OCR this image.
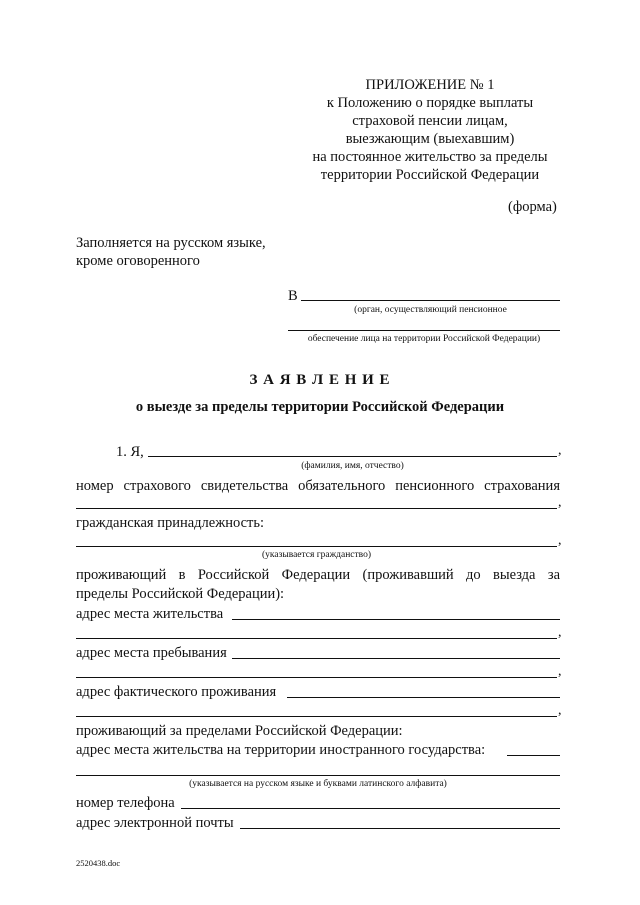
ПРИЛОЖЕНИЕ № 1
к Положению о порядке выплаты
страховой пенсии лицам,
выезжающим (выехавшим)
на постоянное жительство за пределы
территории Российской Федерации
(форма)
Заполняется на русском языке,
кроме оговоренного
В
(орган, осуществляющий пенсионное
обеспечение лица на территории Российской Федерации)
З А Я В Л Е Н И Е
о выезде за пределы территории Российской Федерации
1. Я,	,
(фамилия, имя, отчество)
номер страхового свидетельства обязательного пенсионного страхования
,
гражданская принадлежность:
,
(указывается гражданство)
проживающий в Российской Федерации (проживавший до выезда за
пределы Российской Федерации):
адрес места жительства
,
адрес места пребывания
,
адрес фактического проживания
,
проживающий за пределами Российской Федерации:
адрес места жительства на территории иностранного государства:
(указывается на русском языке и буквами латинского алфавита)
номер телефона
адрес электронной почты
2520438.doc
